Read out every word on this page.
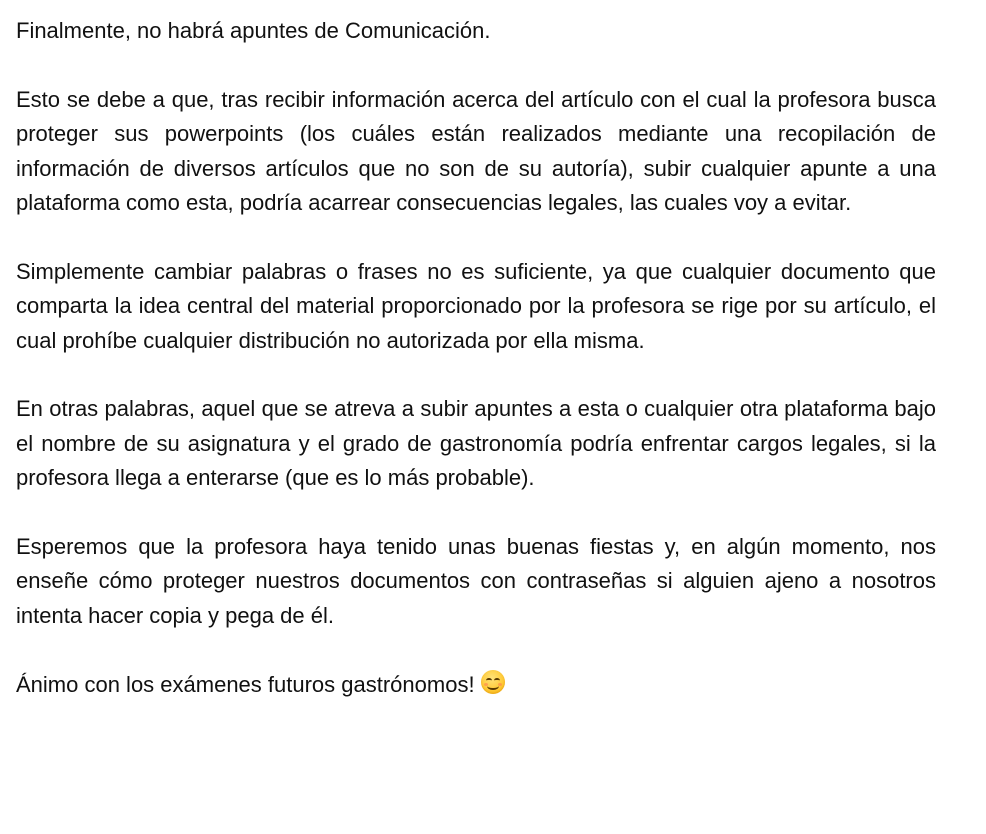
Finalmente, no habrá apuntes de Comunicación.

Esto se debe a que, tras recibir información acerca del artículo con el cual la profesora busca proteger sus powerpoints (los cuáles están realizados mediante una recopilación de información de diversos artículos que no son de su autoría), subir cualquier apunte a una plataforma como esta, podría acarrear consecuencias legales, las cuales voy a evitar.

Simplemente cambiar palabras o frases no es suficiente, ya que cualquier documento que comparta la idea central del material proporcionado por la profesora se rige por su artículo, el cual prohíbe cualquier distribución no autorizada por ella misma.

En otras palabras, aquel que se atreva a subir apuntes a esta o cualquier otra plataforma bajo el nombre de su asignatura y el grado de gastronomía podría enfrentar cargos legales, si la profesora llega a enterarse (que es lo más probable).

Esperemos que la profesora haya tenido unas buenas fiestas y, en algún momento, nos enseñe cómo proteger nuestros documentos con contraseñas si alguien ajeno a nosotros intenta hacer copia y pega de él.

Ánimo con los exámenes futuros gastrónomos!
